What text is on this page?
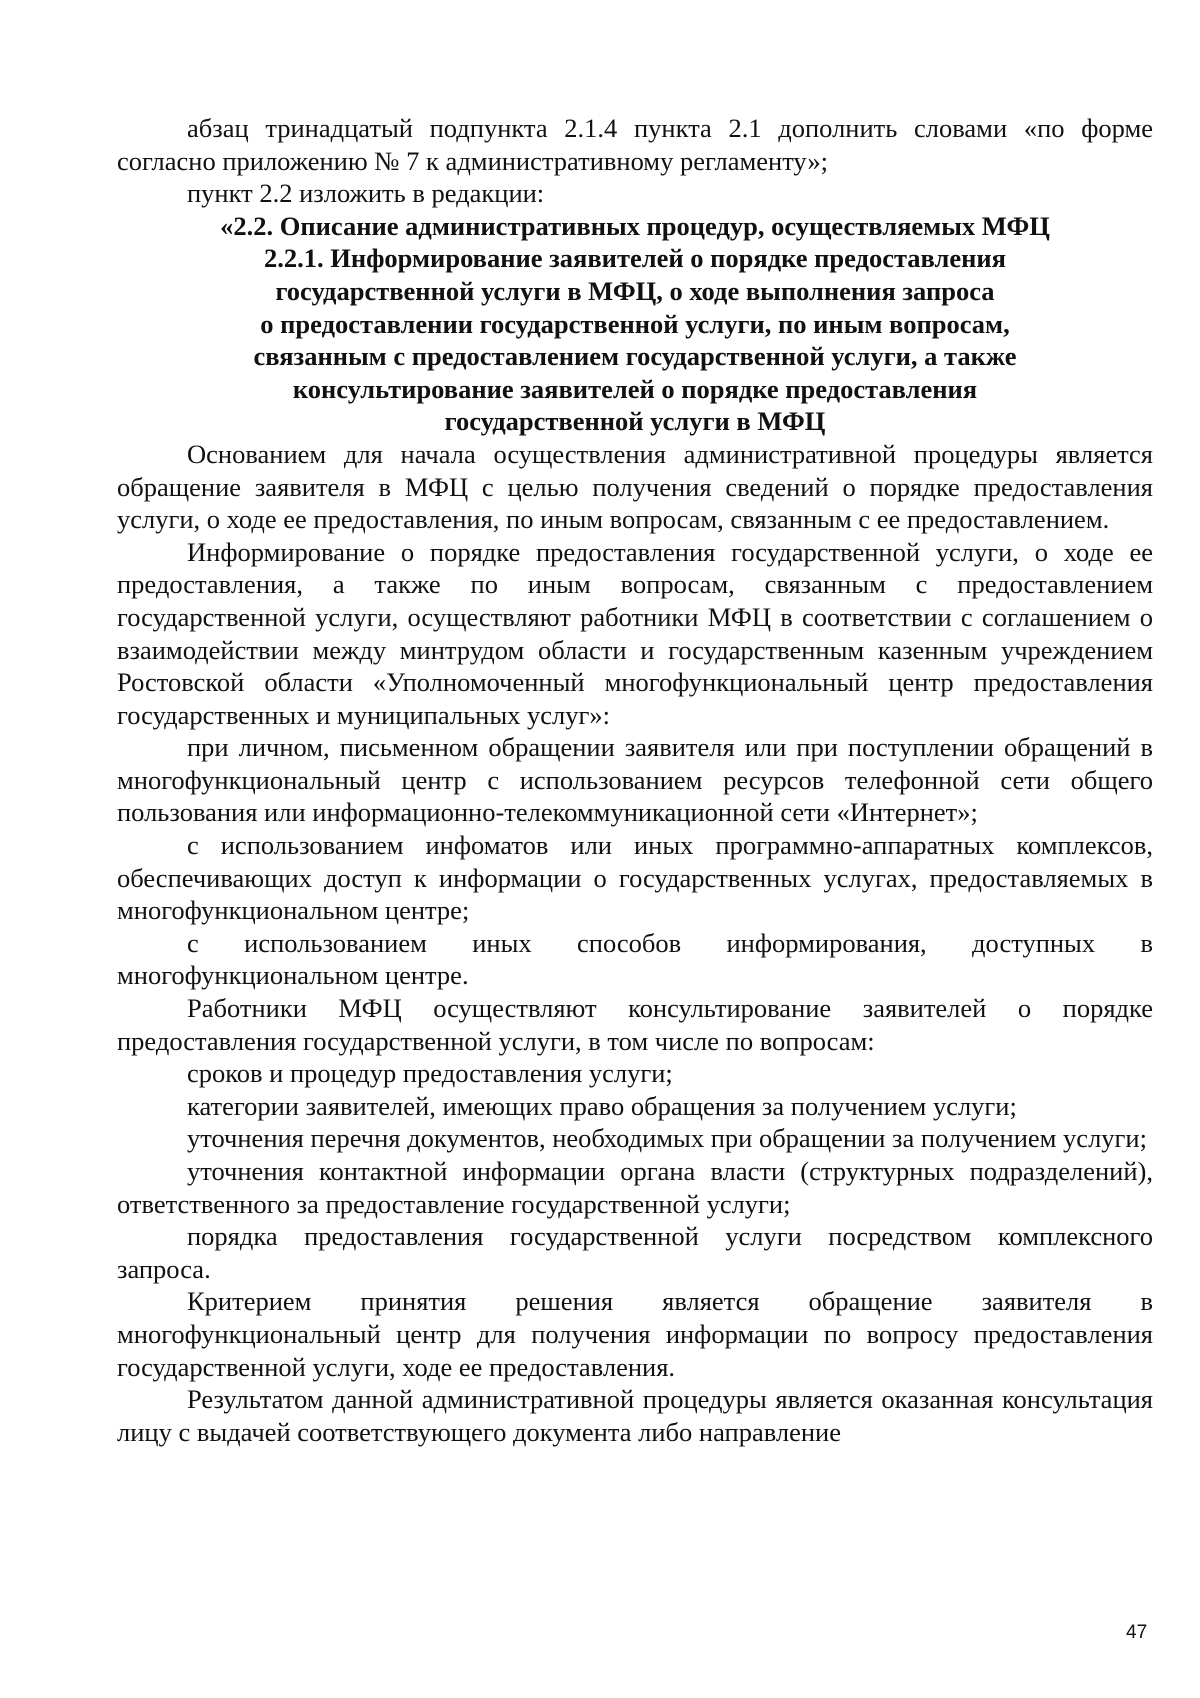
абзац тринадцатый подпункта 2.1.4 пункта 2.1 дополнить словами «по форме согласно приложению № 7 к административному регламенту»;

пункт 2.2 изложить в редакции:

«2.2. Описание административных процедур, осуществляемых МФЦ
2.2.1. Информирование заявителей о порядке предоставления
государственной услуги в МФЦ, о ходе выполнения запроса
о предоставлении государственной услуги, по иным вопросам,
связанным с предоставлением государственной услуги, а также
консультирование заявителей о порядке предоставления
государственной услуги в МФЦ

Основанием для начала осуществления административной процедуры является обращение заявителя в МФЦ с целью получения сведений о порядке предоставления услуги, о ходе ее предоставления, по иным вопросам, связанным с ее предоставлением.

Информирование о порядке предоставления государственной услуги, о ходе ее предоставления, а также по иным вопросам, связанным с предоставлением государственной услуги, осуществляют работники МФЦ в соответствии с соглашением о взаимодействии между минтрудом области и государственным казенным учреждением Ростовской области «Уполномоченный многофункциональный центр предоставления государственных и муниципальных услуг»:

при личном, письменном обращении заявителя или при поступлении обращений в многофункциональный центр с использованием ресурсов телефонной сети общего пользования или информационно-телекоммуникационной сети «Интернет»;

с использованием инфоматов или иных программно-аппаратных комплексов, обеспечивающих доступ к информации о государственных услугах, предоставляемых в многофункциональном центре;

с использованием иных способов информирования, доступных в многофункциональном центре.

Работники МФЦ осуществляют консультирование заявителей о порядке предоставления государственной услуги, в том числе по вопросам:

сроков и процедур предоставления услуги;

категории заявителей, имеющих право обращения за получением услуги;

уточнения перечня документов, необходимых при обращении за получением услуги;

уточнения контактной информации органа власти (структурных подразделений), ответственного за предоставление государственной услуги;

порядка предоставления государственной услуги посредством комплексного запроса.

Критерием принятия решения является обращение заявителя в многофункциональный центр для получения информации по вопросу предоставления государственной услуги, ходе ее предоставления.

Результатом данной административной процедуры является оказанная консультация лицу с выдачей соответствующего документа либо направление

47
